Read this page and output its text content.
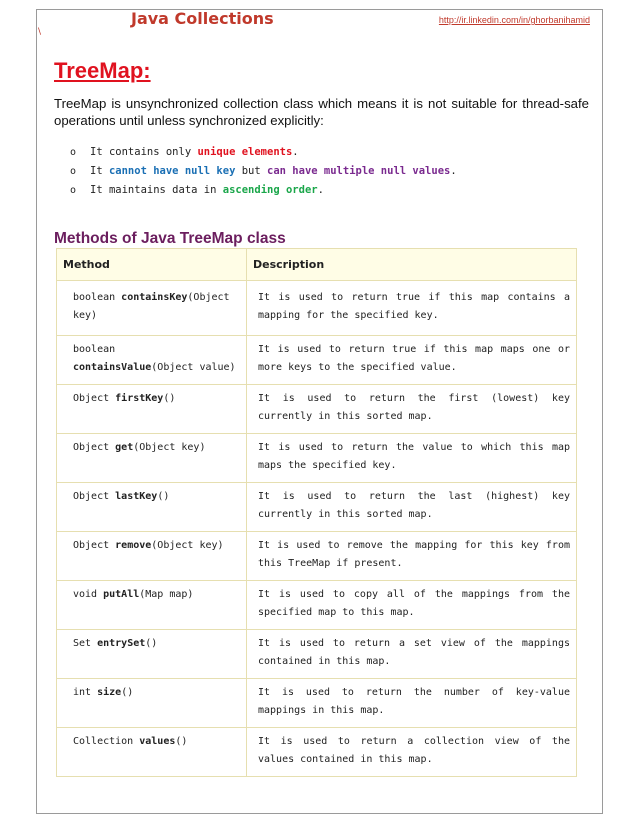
Java Collections	http://ir.linkedin.com/in/ghorbanihamid
\
TreeMap:

TreeMap is unsynchronized collection class which means it is not suitable for thread-safe operations until unless synchronized explicitly:

o It contains only unique elements.
o It cannot have null key but can have multiple null values.
o It maintains data in ascending order.
Methods of Java TreeMap class
Method	Description
boolean containsKey(Object key)	It is used to return true if this map contains a mapping for the specified key.
boolean containsValue(Object value)	It is used to return true if this map maps one or more keys to the specified value.
Object firstKey()	It is used to return the first (lowest) key currently in this sorted map.
Object get(Object key)	It is used to return the value to which this map maps the specified key.
Object lastKey()	It is used to return the last (highest) key currently in this sorted map.
Object remove(Object key)	It is used to remove the mapping for this key from this TreeMap if present.
void putAll(Map map)	It is used to copy all of the mappings from the specified map to this map.
Set entrySet()	It is used to return a set view of the mappings contained in this map.
int size()	It is used to return the number of key-value mappings in this map.
Collection values()	It is used to return a collection view of the values contained in this map.
